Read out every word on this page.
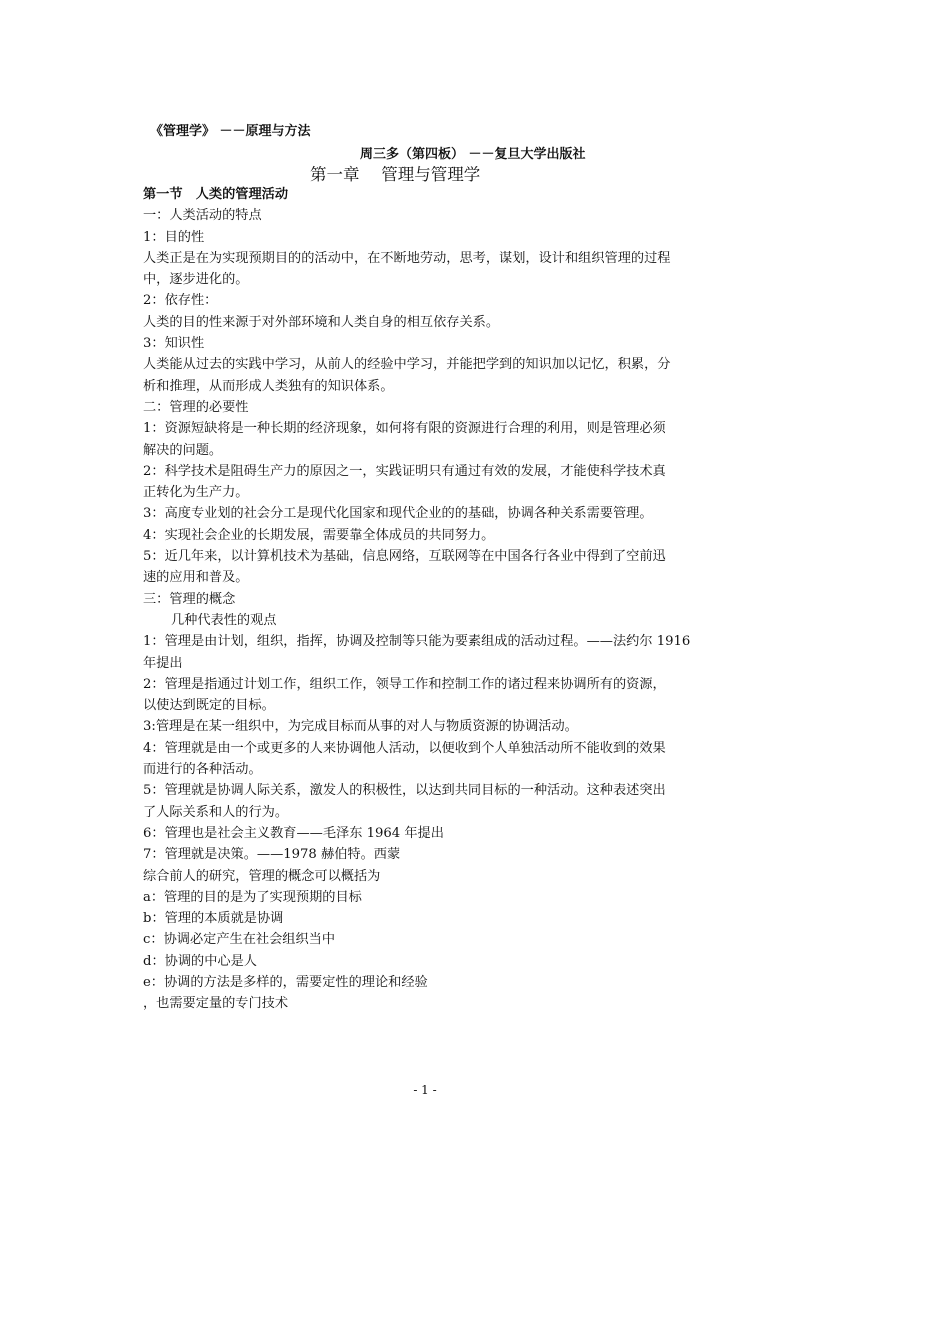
《管理学》 －－原理与方法
周三多（第四板） －－复旦大学出版社
第一章　 管理与管理学
第一节　人类的管理活动
一：人类活动的特点
1：目的性
人类正是在为实现预期目的的活动中，在不断地劳动，思考，谋划，设计和组织管理的过程
中，逐步进化的。
2：依存性：
人类的目的性来源于对外部环境和人类自身的相互依存关系。
3：知识性
人类能从过去的实践中学习，从前人的经验中学习，并能把学到的知识加以记忆，积累，分
析和推理，从而形成人类独有的知识体系。
二：管理的必要性
1：资源短缺将是一种长期的经济现象，如何将有限的资源进行合理的利用，则是管理必须
解决的问题。
2：科学技术是阻碍生产力的原因之一，实践证明只有通过有效的发展，才能使科学技术真
正转化为生产力。
3：高度专业划的社会分工是现代化国家和现代企业的的基础，协调各种关系需要管理。
4：实现社会企业的长期发展，需要靠全体成员的共同努力。
5：近几年来，以计算机技术为基础，信息网络，互联网等在中国各行各业中得到了空前迅
速的应用和普及。
三：管理的概念
几种代表性的观点
1：管理是由计划，组织，指挥，协调及控制等只能为要素组成的活动过程。——法约尔 1916
年提出
2：管理是指通过计划工作，组织工作，领导工作和控制工作的诸过程来协调所有的资源，
以使达到既定的目标。
3:管理是在某一组织中，为完成目标而从事的对人与物质资源的协调活动。
4：管理就是由一个或更多的人来协调他人活动，以便收到个人单独活动所不能收到的效果
而进行的各种活动。
5：管理就是协调人际关系，激发人的积极性，以达到共同目标的一种活动。这种表述突出
了人际关系和人的行为。
6：管理也是社会主义教育——毛泽东 1964 年提出
7：管理就是决策。——1978 赫伯特。西蒙
综合前人的研究，管理的概念可以概括为
a：管理的目的是为了实现预期的目标
b：管理的本质就是协调
c：协调必定产生在社会组织当中
d：协调的中心是人
e：协调的方法是多样的，需要定性的理论和经验
，也需要定量的专门技术
- 1 -
